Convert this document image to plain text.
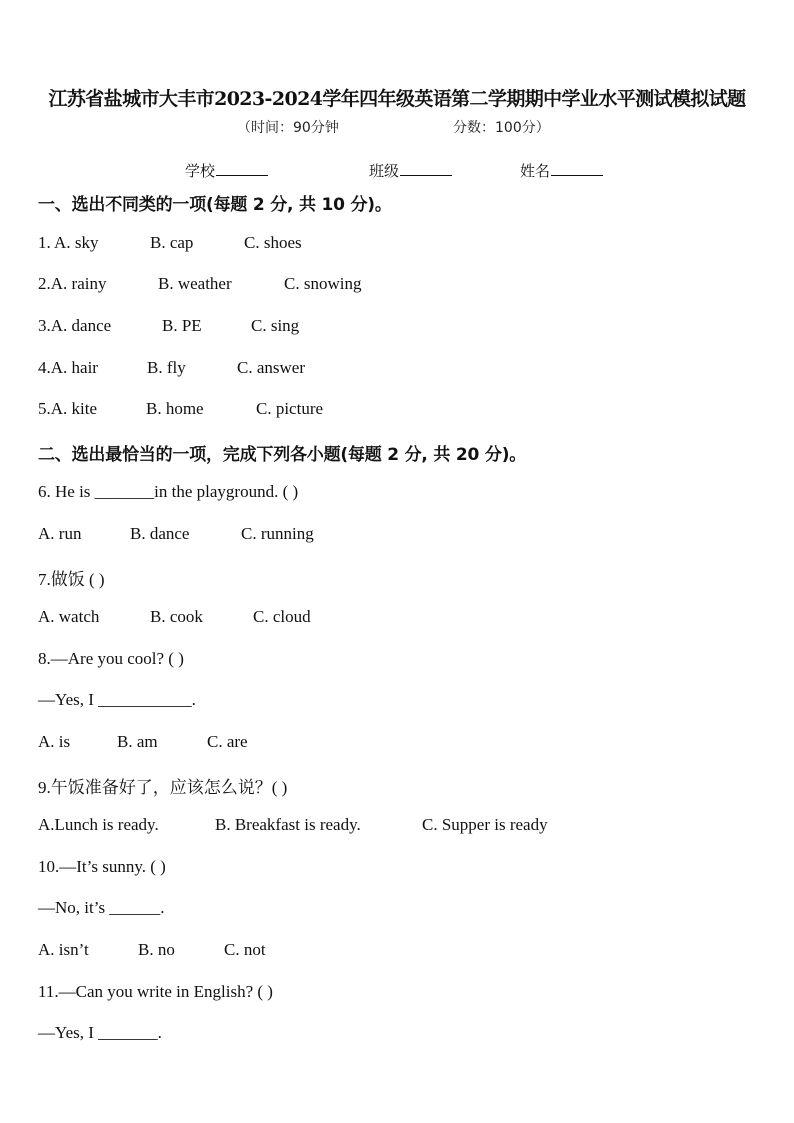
江苏省盐城市大丰市2023-2024学年四年级英语第二学期期中学业水平测试模拟试题
（时间：90分钟	分数：100分）
学校	班级	姓名
一、选出不同类的一项(每题 2 分, 共 10 分)。
1. A. sky	B. cap	C. shoes
2.A. rainy	B. weather	C. snowing
3.A. dance	B. PE	C. sing
4.A. hair	B. fly	C. answer
5.A. kite	B. home	C. picture
二、选出最恰当的一项，完成下列各小题(每题 2 分, 共 20 分)。
6. He is _______in the playground. ( )
A. run	B. dance	C. running
7.做饭 ( )
A. watch	B. cook	C. cloud
8.—Are you cool? ( )
—Yes, I ___________.
A. is	B. am	C. are
9.午饭准备好了，应该怎么说？( )
A.Lunch is ready.	B. Breakfast is ready.	C. Supper is ready
10.—It’s sunny. ( )
—No, it’s ______.
A. isn’t	B. no	C. not
11.—Can you write in English? ( )
—Yes, I _______.
